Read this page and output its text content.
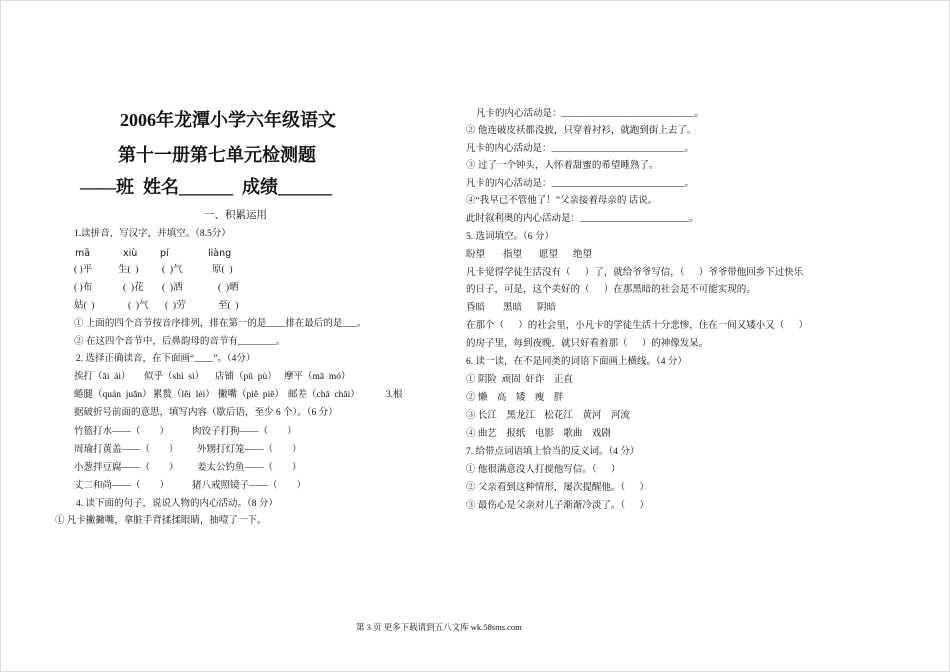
2006年龙潭小学六年级语文
第十一册第七单元检测题
——班  姓名______  成绩______
一、积累运用
1.读拼音，写汉字，并填空。（8.5分）
mā	xiù pí	liàng
( )平	生(  ) (  )气	原(  )
( )布	(  )花 (  )洒	(  )晒
姑(  )	(  )气 (  )劳	至(  )
① 上面的四个音节按音序排列，排在第一的是____排在最后的是___。
② 在这四个音节中，后鼻韵母的音节有________。
2. 选择正确读音，在下面画“____”。（4分）
挨打（āi  ái） 似乎（shì  sì） 店铺（pū  pù） 摩平（mā  mó）
蜷腿（quán  juǎn） 累赘（lěi  léi） 撇嘴（piě  piē） 邮差（chā  chāi）	3.根
据破折号前面的意思，填写内容（歇后语，至少 6 个）。（6 分）
竹篮打水——（        ） 肉饺子打狗——（        ）
周瑜打黄盖——（        ） 外甥打灯笼——（        ）
小葱拌豆腐——（        ） 姜太公钓鱼——（        ）
丈二和尚——（        ） 猪八戒照镜子——（        ）
4. 读下面的句子，说说人物的内心活动。（8 分）
① 凡卡撇撇嘴，拿脏手背揉揉眼睛，抽噎了一下。
凡卡的内心活动是：____________________________。
② 他连破皮袄都没披，只穿着衬衫，就跑到街上去了。
凡卡的内心活动是：____________________________。
③ 过了一个钟头，人怀着甜蜜的希望睡熟了。
凡卡的内心活动是：____________________________。
④“我早已不管他了！”父亲接着母亲的 话说。
此时叙利奥的内心活动是：_______________________。
5. 选词填空。（6 分）
盼望 指望 愿望 绝望
凡卡觉得学徒生活没有（      ）了，就给爷爷写信，（      ）爷爷带他回乡下过快乐
的日子，可是，这个美好的（      ）在那黑暗的社会是不可能实现的。
昏暗 黑暗 阴暗
在那个（      ）的社会里，小凡卡的学徒生活十分悲惨，住在一间又矮小又（      ）
的房子里，每到夜晚，就只好看着那（      ）的神像发呆。
6. 读一读，在不是同类的词语下面画上横线。（4 分）
① 阴险  顽固  奸诈    正直
② 懒    高    矮    瘦    胖
③ 长江    黑龙江    松花江    黄河    河流
④ 曲艺    报纸    电影    歌曲    戏剧
7. 给带点词语填上恰当的反义词。（4 分）
① 他很满意没人打搅他写信。（      ）
② 父亲看到这种情形，屡次提醒他。（      ）
③ 最伤心是父亲对儿子渐渐冷淡了。（      ）
第 3 页 更多下载请到五八文库 wk.58sms.com
